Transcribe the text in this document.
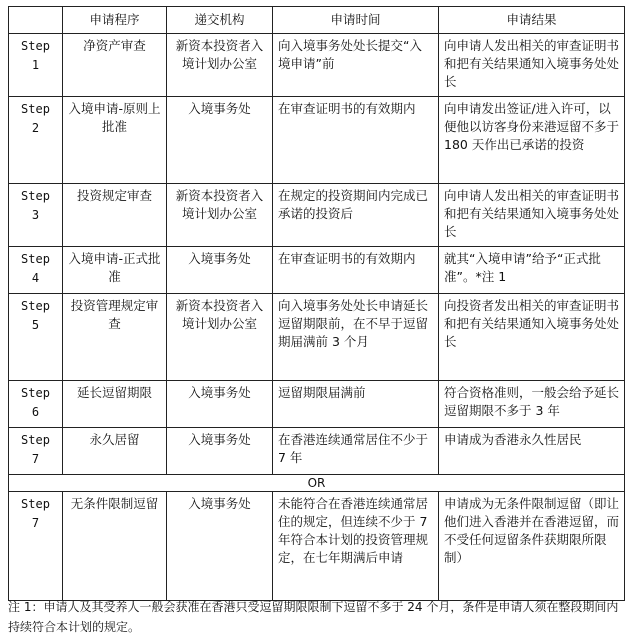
	申请程序	递交机构	申请时间	申请结果
Step 1	净资产审查	新资本投资者入境计划办公室	向入境事务处处长提交“入境申请”前	向申请人发出相关的审查证明书和把有关结果通知入境事务处处长
Step 2	入境申请-原则上批准	入境事务处	在审查证明书的有效期内	向申请发出签证/进入许可，以便他以访客身份来港逗留不多于 180 天作出已承诺的投资
Step 3	投资规定审查	新资本投资者入境计划办公室	在规定的投资期间内完成已承诺的投资后	向申请人发出相关的审查证明书和把有关结果通知入境事务处处长
Step 4	入境申请-正式批准	入境事务处	在审查证明书的有效期内	就其“入境申请”给予“正式批准”。*注 1
Step 5	投资管理规定审查	新资本投资者入境计划办公室	向入境事务处处长申请延长逗留期限前，在不早于逗留期届满前 3 个月	向投资者发出相关的审查证明书和把有关结果通知入境事务处处长
Step 6	延长逗留期限	入境事务处	逗留期限届满前	符合资格准则，一般会给予延长逗留期限不多于 3 年
Step 7	永久居留	入境事务处	在香港连续通常居住不少于 7 年	申请成为香港永久性居民
OR				
Step 7	无条件限制逗留	入境事务处	未能符合在香港连续通常居住的规定，但连续不少于 7 年符合本计划的投资管理规定，在七年期满后申请	申请成为无条件限制逗留（即让他们进入香港并在香港逗留，而不受任何逗留条件获期限所限制）
注 1：申请人及其受养人一般会获准在香港只受逗留期限限制下逗留不多于 24 个月，条件是申请人须在整段期间内持续符合本计划的规定。
